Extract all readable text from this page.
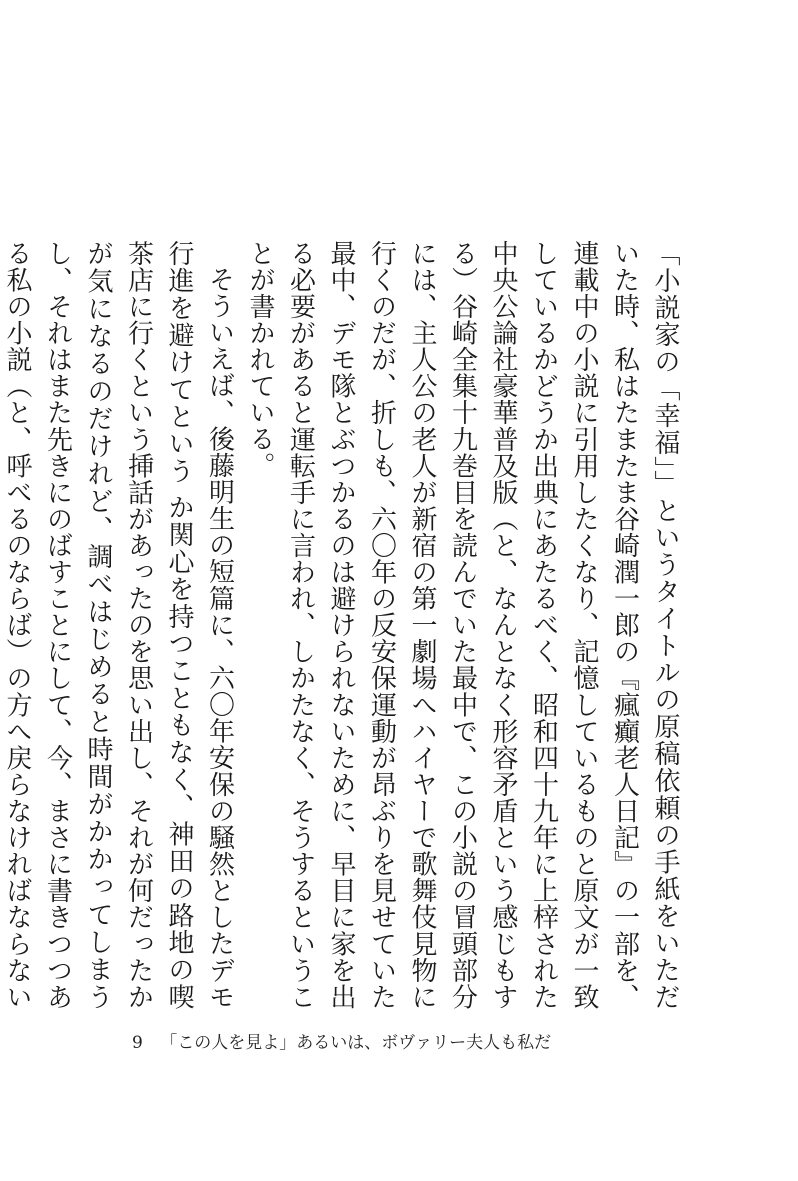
「小説家の「幸福」」というタイトルの原稿依頼の手紙をいただいた時、私はたまたま谷崎潤一郎の『瘋癲老人日記』の一部を、連載中の小説に引用したくなり、記憶しているものと原文が一致しているかどうか出典にあたるべく、昭和四十九年に上梓された中央公論社豪華普及版（と、なんとなく形容矛盾という感じもする）谷崎全集十九巻目を読んでいた最中で、この小説の冒頭部分には、主人公の老人が新宿の第一劇場へハイヤーで歌舞伎見物に行くのだが、折しも、六〇年の反安保運動が昂ぶりを見せていた最中、デモ隊とぶつかるのは避けられないために、早目に家を出る必要があると運転手に言われ、しかたなく、そうするということが書かれている。

そういえば、後藤明生の短篇に、六〇年安保の騒然としたデモ行進を避けてという か関心を持つこともなく、神田の路地の喫茶店に行くという挿話があったのを思い出し、それが何だったかが気になるのだけれど、調べはじめると時間がかかってしまうし、それはまた先きにのばすことにして、今、まさに書きつつある私の小説（と、呼べるのならば）の方へ戻らなければならない

9 「この人を見よ」あるいは、ボヴァリー夫人も私だ
